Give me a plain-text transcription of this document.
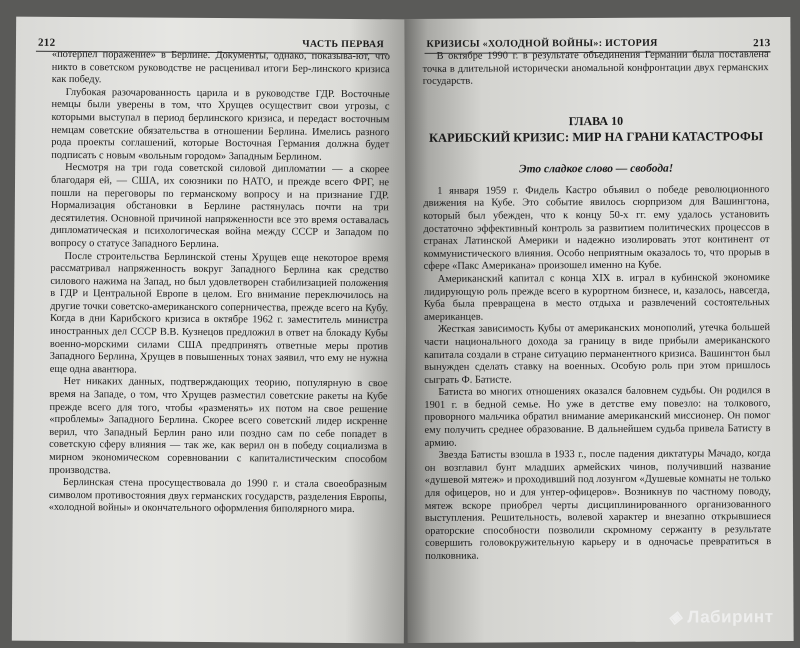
212	ЧАСТЬ ПЕРВАЯ

«потерпел поражение» в Берлине. Документы, однако, показыва-ют, что никто в советском руководстве не расценивал итоги Бер-линского кризиса как победу.

Глубокая разочарованность царила и в руководстве ГДР. Восточные немцы были уверены в том, что Хрущев осуществит свои угрозы, с которыми выступал в период берлинского кризиса, и передаст восточным немцам советские обязательства в отношении Берлина. Имелись разного рода проекты соглашений, которые Восточная Германия должна будет подписать с новым «вольным городом» Западным Берлином.

Несмотря на три года советской силовой дипломатии — а скорее благодаря ей, — США, их союзники по НАТО, и прежде всего ФРГ, не пошли на переговоры по германскому вопросу и на признание ГДР. Нормализация обстановки в Берлине растянулась почти на три десятилетия. Основной причиной напряженности все это время оставалась дипломатическая и психологическая война между СССР и Западом по вопросу о статусе Западного Берлина.

После строительства Берлинской стены Хрущев еще некоторое время рассматривал напряженность вокруг Западного Берлина как средство силового нажима на Запад, но был удовлетворен стабилизацией положения в ГДР и Центральной Европе в целом. Его внимание переключилось на другие точки советско-американского соперничества, прежде всего на Кубу. Когда в дни Карибского кризиса в октябре 1962 г. заместитель министра иностранных дел СССР В.В. Кузнецов предложил в ответ на блокаду Кубы военно-морскими силами США предпринять ответные меры против Западного Берлина, Хрущев в повышенных тонах заявил, что ему не нужна еще одна авантюра.

Нет никаких данных, подтверждающих теорию, популярную в свое время на Западе, о том, что Хрущев разместил советские ракеты на Кубе прежде всего для того, чтобы «разменять» их потом на свое решение «проблемы» Западного Берлина. Скорее всего советский лидер искренне верил, что Западный Берлин рано или поздно сам по себе попадет в советскую сферу влияния — так же, как верил он в победу социализма в мирном экономическом соревновании с капиталистическим способом производства.

Берлинская стена просуществовала до 1990 г. и стала своеобразным символом противостояния двух германских государств, разделения Европы, «холодной войны» и окончательного оформления биполярного мира.

КРИЗИСЫ «ХОЛОДНОЙ ВОЙНЫ»: ИСТОРИЯ	213

В октябре 1990 г. в результате объединения Германии была поставлена точка в длительной исторически аномальной конфронтации двух германских государств.

ГЛАВА 10
КАРИБСКИЙ КРИЗИС: МИР НА ГРАНИ КАТАСТРОФЫ
Это сладкое слово — свобода!

1 января 1959 г. Фидель Кастро объявил о победе революционного движения на Кубе. Это событие явилось сюрпризом для Вашингтона, который был убежден, что к концу 50-х гг. ему удалось установить достаточно эффективный контроль за развитием политических процессов в странах Латинской Америки и надежно изолировать этот континент от коммунистического влияния. Особо неприятным оказалось то, что прорыв в сфере «Пакс Американа» произошел именно на Кубе.

Американский капитал с конца XIX в. играл в кубинской экономике лидирующую роль прежде всего в курортном бизнесе, и, казалось, навсегда, Куба была превращена в место отдыха и развлечений состоятельных американцев.

Жесткая зависимость Кубы от американских монополий, утечка большей части национального дохода за границу в виде прибыли американского капитала создали в стране ситуацию перманентного кризиса. Вашингтон был вынужден сделать ставку на военных. Особую роль при этом пришлось сыграть Ф. Батисте.

Батиста во многих отношениях оказался баловнем судьбы. Он родился в 1901 г. в бедной семье. Но уже в детстве ему повезло: на толкового, проворного мальчика обратил внимание американский миссионер. Он помог ему получить среднее образование. В дальнейшем судьба привела Батисту в армию.

Звезда Батисты взошла в 1933 г., после падения диктатуры Мачадо, когда он возглавил бунт младших армейских чинов, получивший название «душевой мятеж» и проходивший под лозунгом «Душевые комнаты не только для офицеров, но и для унтер-офицеров». Возникнув по частному поводу, мятеж вскоре приобрел черты дисциплинированного организованного выступления. Решительность, волевой характер и внезапно открывшиеся ораторские способности позволили скромному сержанту в результате совершить головокружительную карьеру и в одночасье превратиться в полковника.

◈ Лабиринт
